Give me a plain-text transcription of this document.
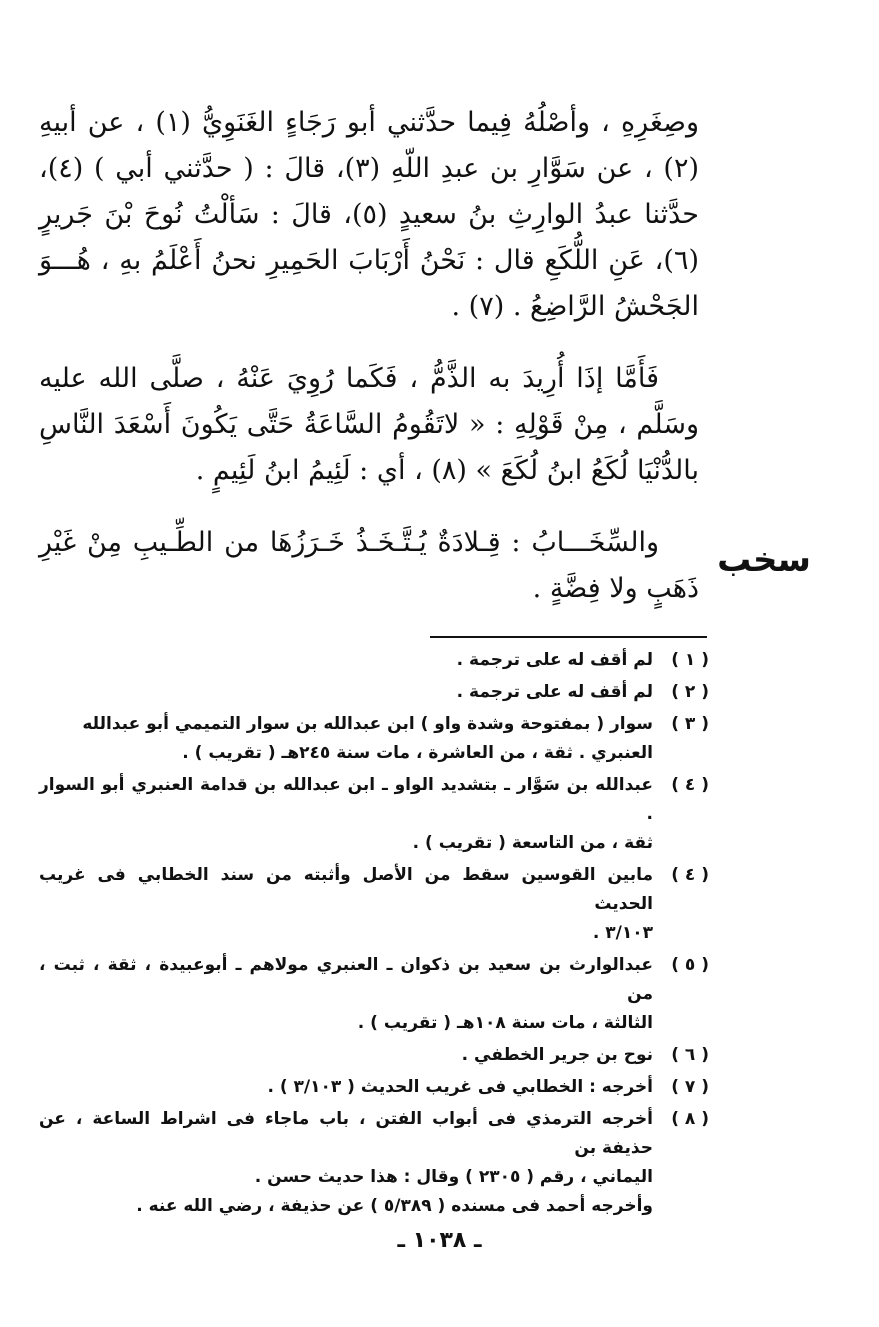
وصِغَرِهِ ، وأصْلُهُ فِيما حدَّثني أبو رَجَاءٍ الغَنَوِيُّ (١) ، عن أبيهِ (٢) ، عن سَوَّارِ بن عبدِ اللّهِ (٣)، قالَ : ( حدَّثني أبي ) (٤)، حدَّثنا عبدُ الوارِثِ بنُ سعيدٍ (٥)، قالَ : سَألْتُ نُوحَ بْنَ جَريرٍ (٦)، عَنِ اللُّكَعِ قال : نَحْنُ أَرْبَابَ الحَمِيرِ نحنُ أَعْلَمُ بهِ ، هُـــوَ الجَحْشُ الرَّاضِعُ . (٧) .

فَأَمَّا إذَا أُرِيدَ به الذَّمُّ ، فَكَما رُوِيَ عَنْهُ ، صلَّى الله عليه وسَلَّم ، مِنْ قَوْلِهِ : « لاتَقُومُ السَّاعَةُ حَتَّى يَكُونَ أَسْعَدَ النَّاسِ بالدُّنْيَا لُكَعُ ابنُ لُكَعَ » (٨) ، أي : لَئِيمُ ابنُ لَئِيمٍ .

والسِّخَـــابُ : قِـلادَةٌ يُـتَّـخَـذُ خَـرَزُهَا من الطِّـيبِ مِنْ غَيْرِ ذَهَبٍ ولا فِضَّةٍ .

سخب
( ١ )
لم أقف له على ترجمة .
( ٢ )
لم أقف له على ترجمة .
( ٣ )
سوار ( بمفتوحة وشدة واو ) ابن عبدالله بن سوار التميمي أبو عبدالله
العنبري . ثقة ، من العاشرة ، مات سنة ٢٤٥هـ ( تقريب ) .
( ٤ )
عبدالله بن سَوَّار ـ بتشديد الواو ـ ابن عبدالله بن قدامة العنبري أبو السوار .
ثقة ، من التاسعة ( تقريب ) .
( ٤ )
مابين القوسين سقط من الأصل وأثبته من سند الخطابي فى غريب الحديث
٣/١٠٣ .
( ٥ )
عبدالوارث بن سعيد بن ذكوان ـ العنبري مولاهم ـ أبوعبيدة ، ثقة ، ثبت ، من
الثالثة ، مات سنة ١٠٨هـ ( تقريب ) .
( ٦ )
نوح بن جرير الخطفي .
( ٧ )
أخرجه : الخطابي فى غريب الحديث ( ٣/١٠٣ ) .
( ٨ )
أخرجه الترمذي فى أبواب الفتن ، باب ماجاء فى اشراط الساعة ، عن حذيفة بن
اليماني ، رقم ( ٢٣٠٥ ) وقال : هذا حديث حسن .
وأخرجه أحمد فى مسنده ( ٥/٣٨٩ ) عن حذيفة ، رضي الله عنه .
ـ ١٠٣٨ ـ
